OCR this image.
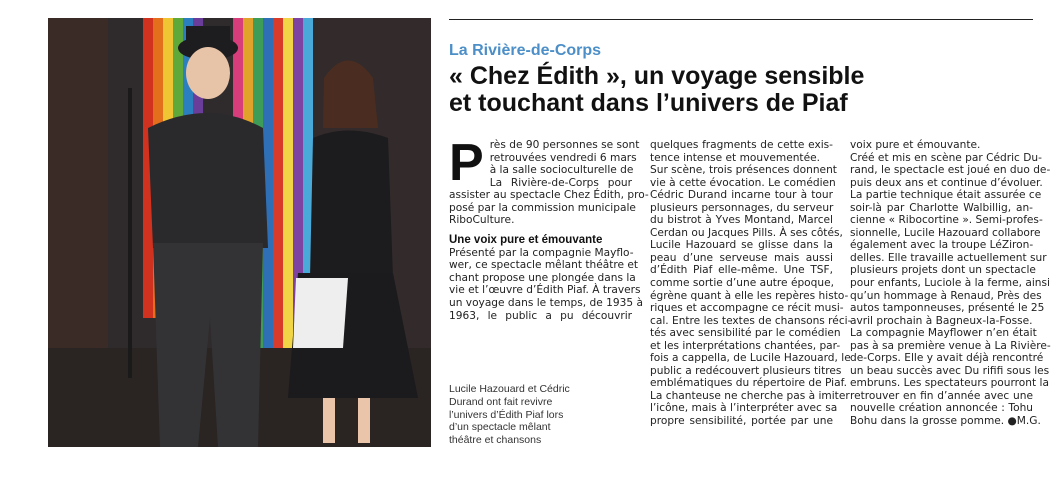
Lucile Hazouard et Cédric
Durand ont fait revivre
l’univers d’Édith Piaf lors
d’un spectacle mêlant
théâtre et chansons
La Rivière-de-Corps
« Chez Édith », un voyage sensible
et touchant dans l’univers de Piaf
P rès de 90 personnes se sont
retrouvées vendredi 6 mars
à la salle socioculturelle de
La Rivière-de-Corps pour
assister au spectacle Chez Édith, pro-
posé par la commission municipale
RiboCulture.
Une voix pure et émouvante
Présenté par la compagnie Mayflo-
wer, ce spectacle mêlant théâtre et
chant propose une plongée dans la
vie et l’œuvre d’Édith Piaf. À travers
un voyage dans le temps, de 1935 à
1963, le public a pu découvrir
quelques fragments de cette exis-
tence intense et mouvementée.
Sur scène, trois présences donnent
vie à cette évocation. Le comédien
Cédric Durand incarne tour à tour
plusieurs personnages, du serveur
du bistrot à Yves Montand, Marcel
Cerdan ou Jacques Pills. À ses côtés,
Lucile Hazouard se glisse dans la
peau d’une serveuse mais aussi
d’Édith Piaf elle-même. Une TSF,
comme sortie d’une autre époque,
égrène quant à elle les repères histo-
riques et accompagne ce récit musi-
cal. Entre les textes de chansons réci-
tés avec sensibilité par le comédien
et les interprétations chantées, par-
fois a cappella, de Lucile Hazouard, le
public a redécouvert plusieurs titres
emblématiques du répertoire de Piaf.
La chanteuse ne cherche pas à imiter
l’icône, mais à l’interpréter avec sa
propre sensibilité, portée par une
voix pure et émouvante.
Créé et mis en scène par Cédric Du-
rand, le spectacle est joué en duo de-
puis deux ans et continue d’évoluer.
La partie technique était assurée ce
soir-là par Charlotte Walbillig, an-
cienne « Ribocortine ». Semi-profes-
sionnelle, Lucile Hazouard collabore
également avec la troupe LéZiron-
delles. Elle travaille actuellement sur
plusieurs projets dont un spectacle
pour enfants, Luciole à la ferme, ainsi
qu’un hommage à Renaud, Près des
autos tamponneuses, présenté le 25
avril prochain à Bagneux-la-Fosse.
La compagnie Mayflower n’en était
pas à sa première venue à La Rivière-
de-Corps. Elle y avait déjà rencontré
un beau succès avec Du rififi sous les
embruns. Les spectateurs pourront la
retrouver en fin d’année avec une
nouvelle création annoncée : Tohu
Bohu dans la grosse pomme. ●M.G.
